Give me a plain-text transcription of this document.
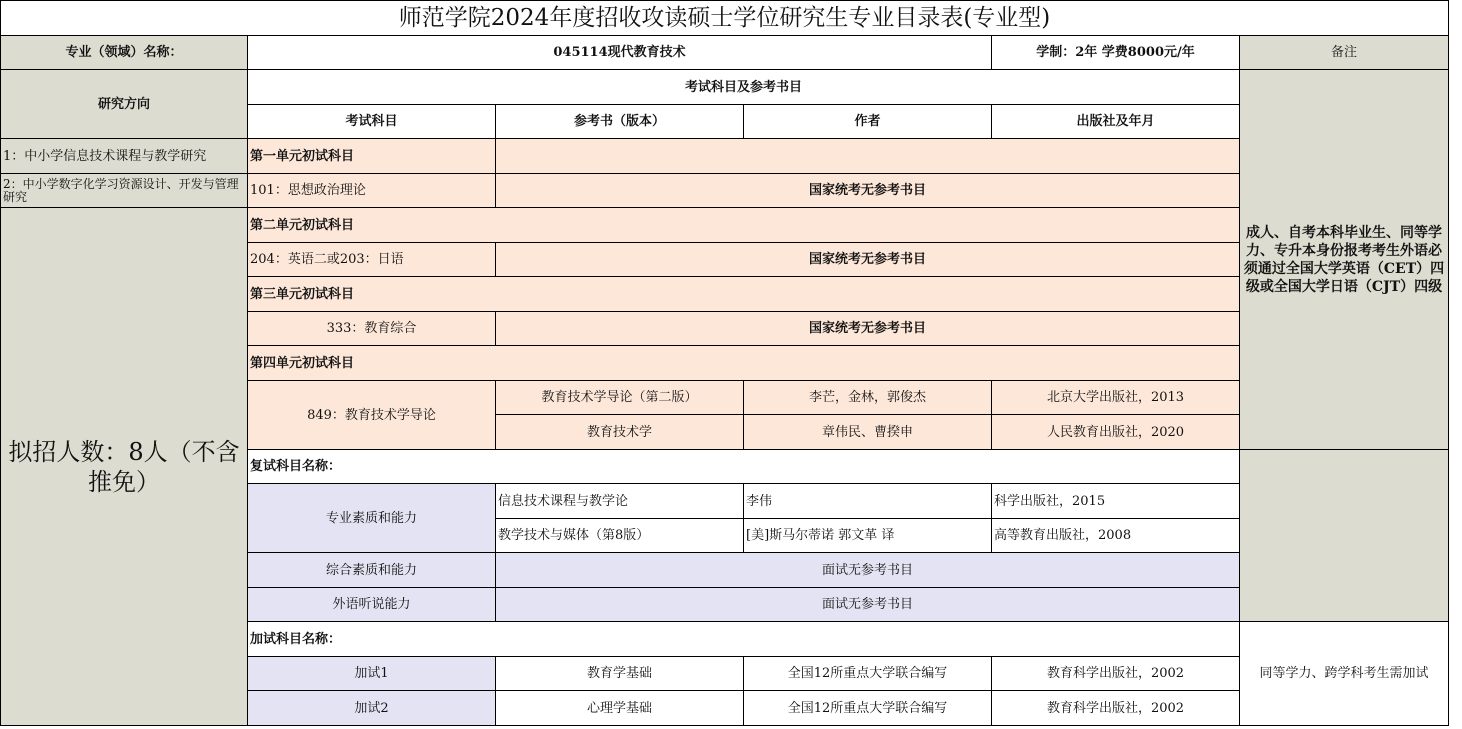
师范学院2024年度招收攻读硕士学位研究生专业目录表(专业型)					
专业（领域）名称：	045114现代教育技术			学制：2年 学费8000元/年	备注
研究方向	考试科目及参考书目				成人、自考本科毕业生、同等学力、专升本身份报考考生外语必须通过全国大学英语（CET）四级或全国大学日语（CJT）四级
	考试科目	参考书（版本）	作者	出版社及年月	
1：中小学信息技术课程与教学研究	第一单元初试科目				
2：中小学数字化学习资源设计、开发与管理研究	101：思想政治理论	国家统考无参考书目			
拟招人数：8人（不含推免）	第二单元初试科目				
	204：英语二或203：日语	国家统考无参考书目			
	第三单元初试科目				
	333：教育综合	国家统考无参考书目			
	第四单元初试科目				
	849：教育技术学导论	教育技术学导论（第二版）	李芒，金林，郭俊杰	北京大学出版社，2013	
		教育技术学	章伟民、曹揆申	人民教育出版社，2020	
	复试科目名称：				
	专业素质和能力	信息技术课程与教学论	李伟	科学出版社，2015	
		教学技术与媒体（第8版）	[美]斯马尔蒂诺 郭文革 译	高等教育出版社，2008	
	综合素质和能力	面试无参考书目			
	外语听说能力	面试无参考书目			
	加试科目名称：				同等学力、跨学科考生需加试
	加试1	教育学基础	全国12所重点大学联合编写	教育科学出版社，2002	
	加试2	心理学基础	全国12所重点大学联合编写	教育科学出版社，2002	
